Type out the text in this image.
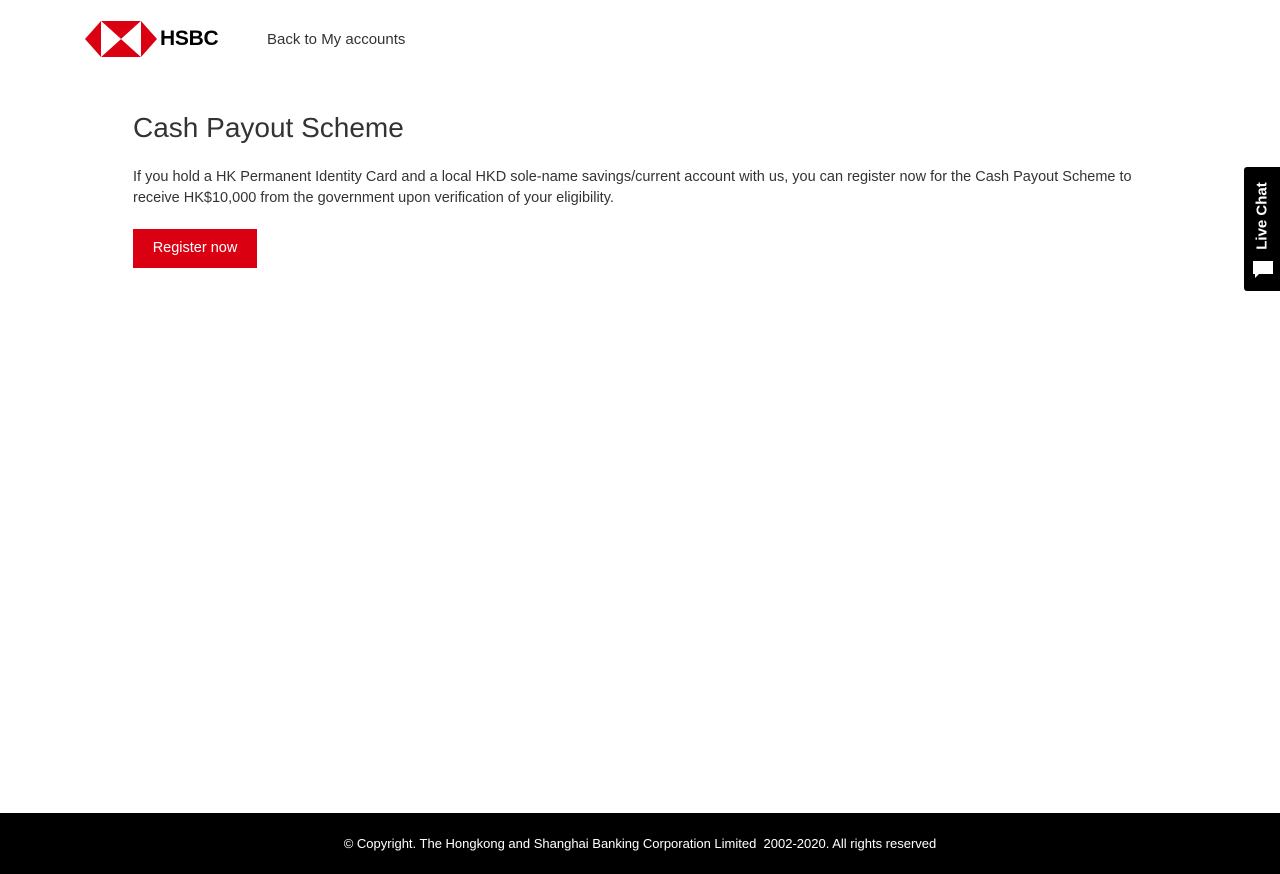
HSBC	Back to My accounts
Cash Payout Scheme

If you hold a HK Permanent Identity Card and a local HKD sole-name savings/current account with us, you can register now for the Cash Payout Scheme to receive HK$10,000 from the government upon verification of your eligibility.

Register now	Live Chat
© Copyright. The Hongkong and Shanghai Banking Corporation Limited  2002-2020. All rights reserved
